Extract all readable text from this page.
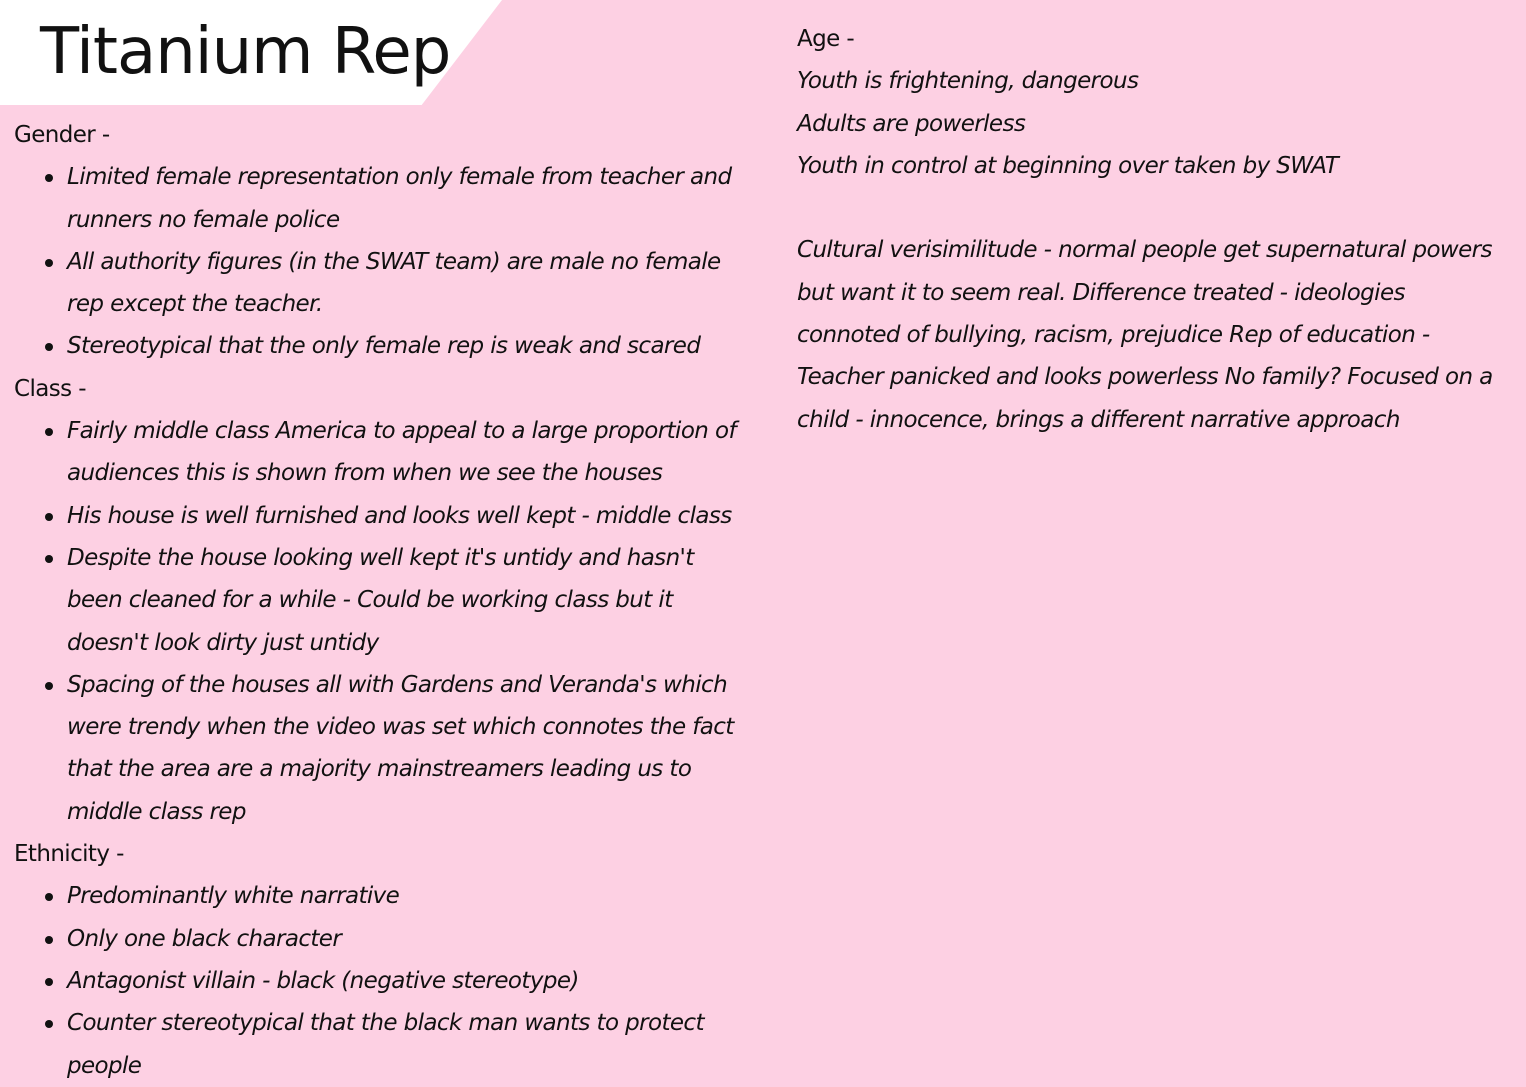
Titanium Rep

Gender -

Limited female representation only female from teacher and runners no female police
All authority figures (in the SWAT team) are male no female rep except the teacher.
Stereotypical that the only female rep is weak and scared

Class -

Fairly middle class America to appeal to a large proportion of audiences this is shown from when we see the houses
His house is well furnished and looks well kept - middle class
Despite the house looking well kept it's untidy and hasn't been cleaned for a while - Could be working class but it doesn't look dirty just untidy
Spacing of the houses all with Gardens and Veranda's which were trendy when the video was set which connotes the fact that the area are a majority mainstreamers leading us to middle class rep

Ethnicity -

Predominantly white narrative
Only one black character
Antagonist villain - black (negative stereotype)
Counter stereotypical that the black man wants to protect people

Age -

Youth is frightening, dangerous

Adults are powerless

Youth in control at beginning over taken by SWAT

Cultural verisimilitude - normal people get supernatural powers but want it to seem real. Difference treated - ideologies connoted of bullying, racism, prejudice Rep of education - Teacher panicked and looks powerless No family? Focused on a child - innocence, brings a different narrative approach
